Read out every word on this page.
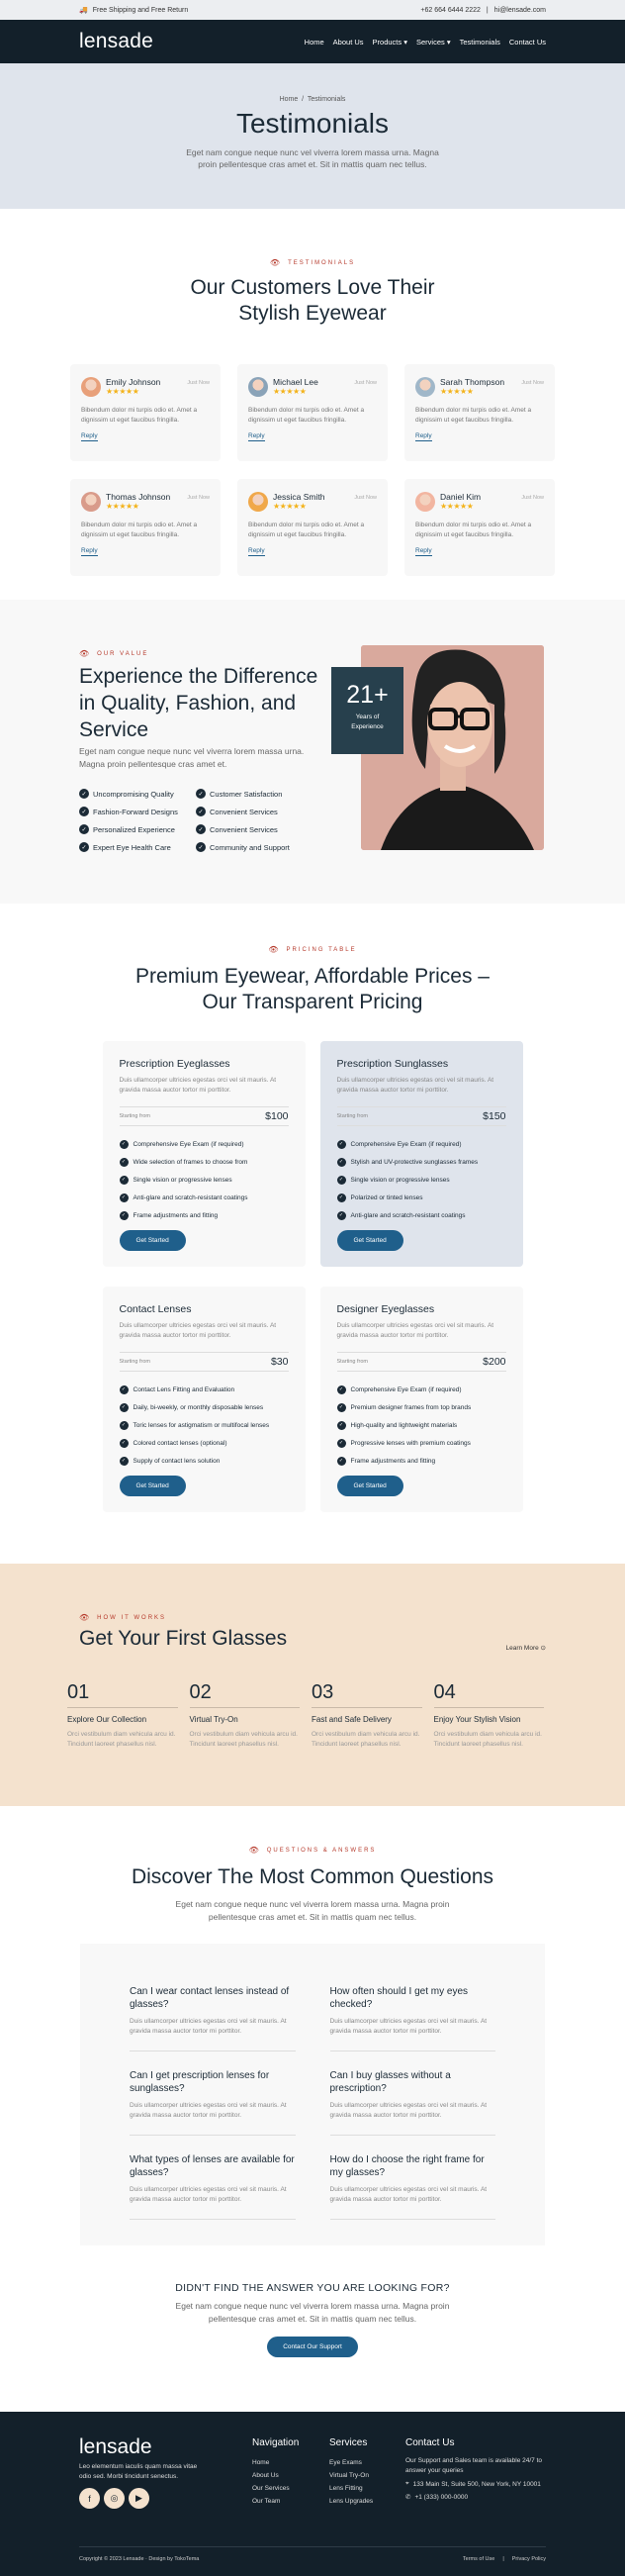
🚚 Free Shipping and Free Return	+62 664 6444 2222 | hi@lensade.com
lensade	Home About Us Products ▾ Services ▾ Testimonials Contact Us
Home / Testimonials
Testimonials

Eget nam congue neque nunc vel viverra lorem massa urna. Magna proin pellentesque cras amet et. Sit in mattis quam nec tellus.

👁 TESTIMONIALS
Our Customers Love Their Stylish Eyewear
Emily Johnson
★★★★★
Just Now
Bibendum dolor mi turpis odio et. Amet a dignissim ut eget faucibus fringilla.
Reply
Michael Lee
★★★★★
Just Now
Bibendum dolor mi turpis odio et. Amet a dignissim ut eget faucibus fringilla.
Reply
Sarah Thompson
★★★★★
Just Now
Bibendum dolor mi turpis odio et. Amet a dignissim ut eget faucibus fringilla.
Reply
Thomas Johnson
★★★★★
Just Now
Bibendum dolor mi turpis odio et. Amet a dignissim ut eget faucibus fringilla.
Reply
Jessica Smith
★★★★★
Just Now
Bibendum dolor mi turpis odio et. Amet a dignissim ut eget faucibus fringilla.
Reply
Daniel Kim
★★★★★
Just Now
Bibendum dolor mi turpis odio et. Amet a dignissim ut eget faucibus fringilla.
Reply
👁 OUR VALUE
Experience the Difference in Quality, Fashion, and Service
Eget nam congue neque nunc vel viverra lorem massa urna. Magna proin pellentesque cras amet et.
✓ Uncompromising Quality	✓ Customer Satisfaction
✓ Fashion-Forward Designs	✓ Convenient Services
✓ Personalized Experience	✓ Convenient Services
✓ Expert Eye Health Care	✓ Community and Support
21+
Years of Experience
👁 PRICING TABLE
Premium Eyewear, Affordable Prices – Our Transparent Pricing
Prescription Eyeglasses
Duis ullamcorper ultricies egestas orci vel sit mauris. At gravida massa auctor tortor mi porttitor.
Starting from	$100
✓	Comprehensive Eye Exam (if required)
✓	Wide selection of frames to choose from
✓	Single vision or progressive lenses
✓	Anti-glare and scratch-resistant coatings
✓	Frame adjustments and fitting
Get Started
Prescription Sunglasses
Duis ullamcorper ultricies egestas orci vel sit mauris. At gravida massa auctor tortor mi porttitor.
Starting from	$150
✓	Comprehensive Eye Exam (if required)
✓	Stylish and UV-protective sunglasses frames
✓	Single vision or progressive lenses
✓	Polarized or tinted lenses
✓	Anti-glare and scratch-resistant coatings
Get Started
Contact Lenses
Duis ullamcorper ultricies egestas orci vel sit mauris. At gravida massa auctor tortor mi porttitor.
Starting from	$30
✓	Contact Lens Fitting and Evaluation
✓	Daily, bi-weekly, or monthly disposable lenses
✓	Toric lenses for astigmatism or multifocal lenses
✓	Colored contact lenses (optional)
✓	Supply of contact lens solution
Get Started
Designer Eyeglasses
Duis ullamcorper ultricies egestas orci vel sit mauris. At gravida massa auctor tortor mi porttitor.
Starting from	$200
✓	Comprehensive Eye Exam (if required)
✓	Premium designer frames from top brands
✓	High-quality and lightweight materials
✓	Progressive lenses with premium coatings
✓	Frame adjustments and fitting
Get Started
👁 HOW IT WORKS
Get Your First Glasses	Learn More ⊙
01
Explore Our Collection
Orci vestibulum diam vehicula arcu id. Tincidunt laoreet phasellus nisl.
02
Virtual Try-On
Orci vestibulum diam vehicula arcu id. Tincidunt laoreet phasellus nisl.
03
Fast and Safe Delivery
Orci vestibulum diam vehicula arcu id. Tincidunt laoreet phasellus nisl.
04
Enjoy Your Stylish Vision
Orci vestibulum diam vehicula arcu id. Tincidunt laoreet phasellus nisl.
👁 QUESTIONS & ANSWERS
Discover The Most Common Questions

Eget nam congue neque nunc vel viverra lorem massa urna. Magna proin pellentesque cras amet et. Sit in mattis quam nec tellus.

Can I wear contact lenses instead of glasses?
Duis ullamcorper ultricies egestas orci vel sit mauris. At gravida massa auctor tortor mi porttitor.
How often should I get my eyes checked?
Duis ullamcorper ultricies egestas orci vel sit mauris. At gravida massa auctor tortor mi porttitor.
Can I get prescription lenses for sunglasses?
Duis ullamcorper ultricies egestas orci vel sit mauris. At gravida massa auctor tortor mi porttitor.
Can I buy glasses without a prescription?
Duis ullamcorper ultricies egestas orci vel sit mauris. At gravida massa auctor tortor mi porttitor.
What types of lenses are available for glasses?
Duis ullamcorper ultricies egestas orci vel sit mauris. At gravida massa auctor tortor mi porttitor.
How do I choose the right frame for my glasses?
Duis ullamcorper ultricies egestas orci vel sit mauris. At gravida massa auctor tortor mi porttitor.
DIDN'T FIND THE ANSWER YOU ARE LOOKING FOR?

Eget nam congue neque nunc vel viverra lorem massa urna. Magna proin pellentesque cras amet et. Sit in mattis quam nec tellus.

Contact Our Support
lensade
Leo elementum iaculis quam massa vitae odio sed. Morbi tincidunt senectus.
f	◎	▶
Navigation
Home
About Us
Our Services
Our Team
Services
Eye Exams
Virtual Try-On
Lens Fitting
Lens Upgrades
Contact Us
Our Support and Sales team is available 24/7 to answer your queries
⌖ 133 Main St, Suite 500, New York, NY 10001
✆ +1 (333) 000-0000
Copyright © 2023 Lensade · Design by TokoTema	Terms of Use | Privacy Policy
